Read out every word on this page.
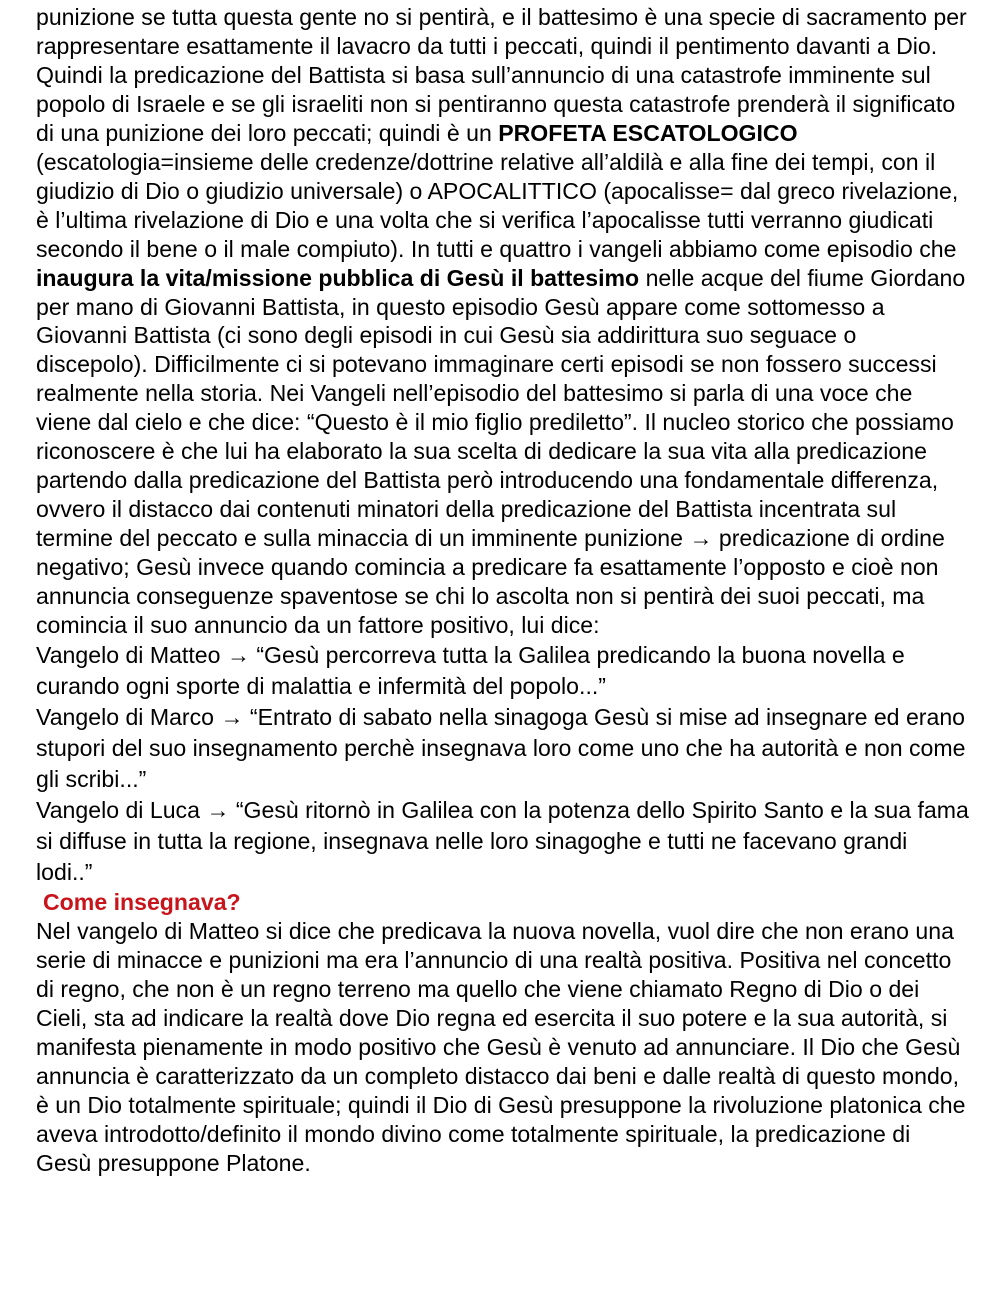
punizione se tutta questa gente no si pentirà, e il battesimo è una specie di sacramento per rappresentare esattamente il lavacro da tutti i peccati, quindi il pentimento davanti a Dio. Quindi la predicazione del Battista si basa sull’annuncio di una catastrofe imminente sul popolo di Israele e se gli israeliti non si pentiranno questa catastrofe prenderà il significato di una punizione dei loro peccati; quindi è un PROFETA ESCATOLOGICO (escatologia=insieme delle credenze/dottrine relative all’aldilà e alla fine dei tempi, con il giudizio di Dio o giudizio universale) o APOCALITTICO (apocalisse= dal greco rivelazione, è l’ultima rivelazione di Dio e una volta che si verifica l’apocalisse tutti verranno giudicati secondo il bene o il male compiuto). In tutti e quattro i vangeli abbiamo come episodio che inaugura la vita/missione pubblica di Gesù il battesimo nelle acque del fiume Giordano per mano di Giovanni Battista, in questo episodio Gesù appare come sottomesso a Giovanni Battista (ci sono degli episodi in cui Gesù sia addirittura suo seguace o discepolo). Difficilmente ci si potevano immaginare certi episodi se non fossero successi realmente nella storia. Nei Vangeli nell’episodio del battesimo si parla di una voce che viene dal cielo e che dice: “Questo è il mio figlio prediletto”. Il nucleo storico che possiamo riconoscere è che lui ha elaborato la sua scelta di dedicare la sua vita alla predicazione partendo dalla predicazione del Battista però introducendo una fondamentale differenza, ovvero il distacco dai contenuti minatori della predicazione del Battista incentrata sul termine del peccato e sulla minaccia di un imminente punizione → predicazione di ordine negativo; Gesù invece quando comincia a predicare fa esattamente l’opposto e cioè non annuncia conseguenze spaventose se chi lo ascolta non si pentirà dei suoi peccati, ma comincia il suo annuncio da un fattore positivo, lui dice:

Vangelo di Matteo → “Gesù percorreva tutta la Galilea predicando la buona novella e curando ogni sporte di malattia e infermità del popolo...”

Vangelo di Marco → “Entrato di sabato nella sinagoga Gesù si mise ad insegnare ed erano stupori del suo insegnamento perchè insegnava loro come uno che ha autorità e non come gli scribi...”

Vangelo di Luca → “Gesù ritornò in Galilea con la potenza dello Spirito Santo e la sua fama si diffuse in tutta la regione, insegnava nelle loro sinagoghe e tutti ne facevano grandi lodi..”

Come insegnava?

Nel vangelo di Matteo si dice che predicava la nuova novella, vuol dire che non erano una serie di minacce e punizioni ma era l’annuncio di una realtà positiva. Positiva nel concetto di regno, che non è un regno terreno ma quello che viene chiamato Regno di Dio o dei Cieli, sta ad indicare la realtà dove Dio regna ed esercita il suo potere e la sua autorità, si manifesta pienamente in modo positivo che Gesù è venuto ad annunciare. Il Dio che Gesù annuncia è caratterizzato da un completo distacco dai beni e dalle realtà di questo mondo, è un Dio totalmente spirituale; quindi il Dio di Gesù presuppone la rivoluzione platonica che aveva introdotto/definito il mondo divino come totalmente spirituale, la predicazione di Gesù presuppone Platone.
